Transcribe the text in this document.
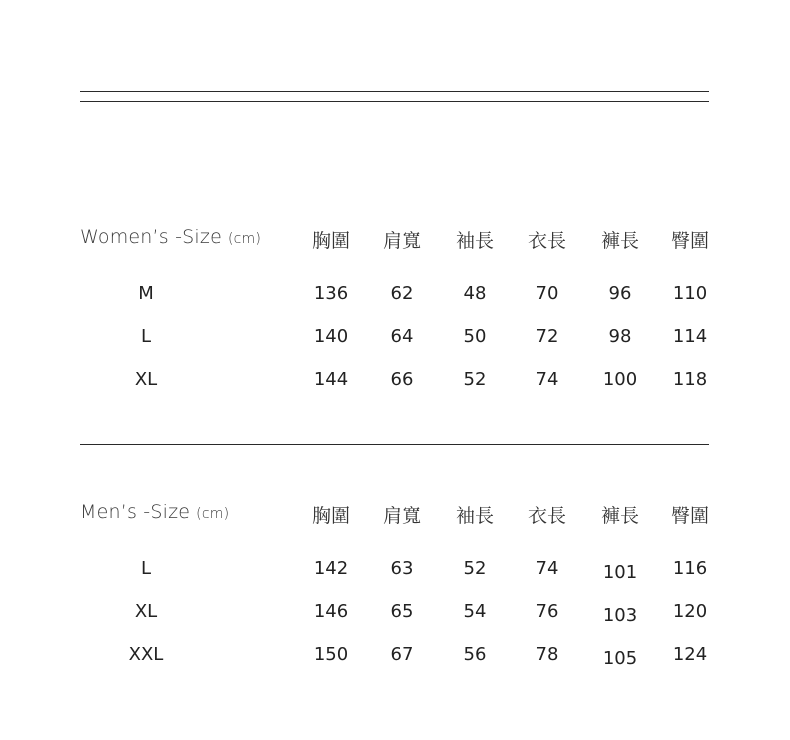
Women’s -Size (cm)	胸圍	肩寬	袖長	衣長	褲長	臀圍
M	136	62	48	70	96	110
L	140	64	50	72	98	114
XL	144	66	52	74	100	118
Men’s -Size (cm)	胸圍	肩寬	袖長	衣長	褲長	臀圍
L	142	63	52	74	101	116
XL	146	65	54	76	103	120
XXL	150	67	56	78	105	124
